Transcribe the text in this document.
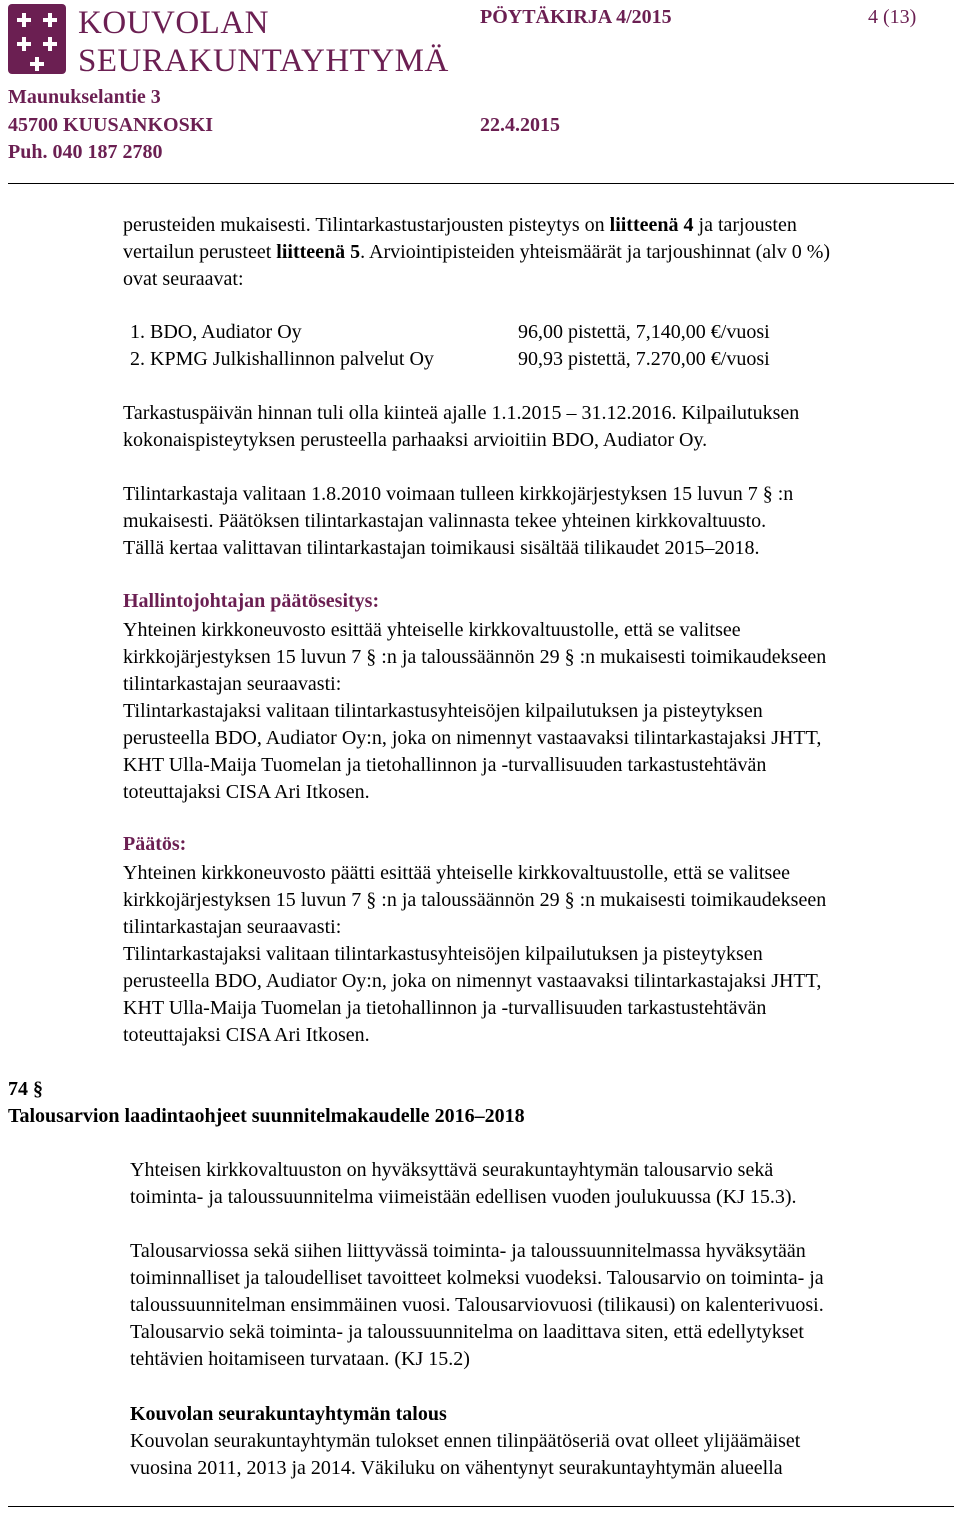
KOUVOLAN
SEURAKUNTAYHTYMÄ
PÖYTÄKIRJA 4/2015	4 (13)
Maunukselantie 3
45700 KUUSANKOSKI	22.4.2015
Puh. 040 187 2780
perusteiden mukaisesti. Tilintarkastustarjousten pisteytys on liitteenä 4 ja tarjousten
vertailun perusteet liitteenä 5. Arviointipisteiden yhteismäärät ja tarjoushinnat (alv 0 %)
ovat seuraavat:
1. BDO, Audiator Oy	96,00 pistettä, 7,140,00 €/vuosi
2. KPMG Julkishallinnon palvelut Oy	90,93 pistettä, 7.270,00 €/vuosi
Tarkastuspäivän hinnan tuli olla kiinteä ajalle 1.1.2015 – 31.12.2016. Kilpailutuksen
kokonaispisteytyksen perusteella parhaaksi arvioitiin BDO, Audiator Oy.
Tilintarkastaja valitaan 1.8.2010 voimaan tulleen kirkkojärjestyksen 15 luvun 7 § :n
mukaisesti. Päätöksen tilintarkastajan valinnasta tekee yhteinen kirkkovaltuusto.
Tällä kertaa valittavan tilintarkastajan toimikausi sisältää tilikaudet 2015–2018.
Hallintojohtajan päätösesitys:
Yhteinen kirkkoneuvosto esittää yhteiselle kirkkovaltuustolle, että se valitsee
kirkkojärjestyksen 15 luvun 7 § :n ja taloussäännön 29 § :n mukaisesti toimikaudekseen
tilintarkastajan seuraavasti:
Tilintarkastajaksi valitaan tilintarkastusyhteisöjen kilpailutuksen ja pisteytyksen
perusteella BDO, Audiator Oy:n, joka on nimennyt vastaavaksi tilintarkastajaksi JHTT,
KHT Ulla-Maija Tuomelan ja tietohallinnon ja -turvallisuuden tarkastustehtävän
toteuttajaksi CISA Ari Itkosen.
Päätös:
Yhteinen kirkkoneuvosto päätti esittää yhteiselle kirkkovaltuustolle, että se valitsee
kirkkojärjestyksen 15 luvun 7 § :n ja taloussäännön 29 § :n mukaisesti toimikaudekseen
tilintarkastajan seuraavasti:
Tilintarkastajaksi valitaan tilintarkastusyhteisöjen kilpailutuksen ja pisteytyksen
perusteella BDO, Audiator Oy:n, joka on nimennyt vastaavaksi tilintarkastajaksi JHTT,
KHT Ulla-Maija Tuomelan ja tietohallinnon ja -turvallisuuden tarkastustehtävän
toteuttajaksi CISA Ari Itkosen.
74 §
Talousarvion laadintaohjeet suunnitelmakaudelle 2016–2018
Yhteisen kirkkovaltuuston on hyväksyttävä seurakuntayhtymän talousarvio sekä
toiminta- ja taloussuunnitelma viimeistään edellisen vuoden joulukuussa (KJ 15.3).
Talousarviossa sekä siihen liittyvässä toiminta- ja taloussuunnitelmassa hyväksytään
toiminnalliset ja taloudelliset tavoitteet kolmeksi vuodeksi. Talousarvio on toiminta- ja
taloussuunnitelman ensimmäinen vuosi. Talousarviovuosi (tilikausi) on kalenterivuosi.
Talousarvio sekä toiminta- ja taloussuunnitelma on laadittava siten, että edellytykset
tehtävien hoitamiseen turvataan. (KJ 15.2)
Kouvolan seurakuntayhtymän talous
Kouvolan seurakuntayhtymän tulokset ennen tilinpäätöseriä ovat olleet ylijäämäiset
vuosina 2011, 2013 ja 2014. Väkiluku on vähentynyt seurakuntayhtymän alueella
